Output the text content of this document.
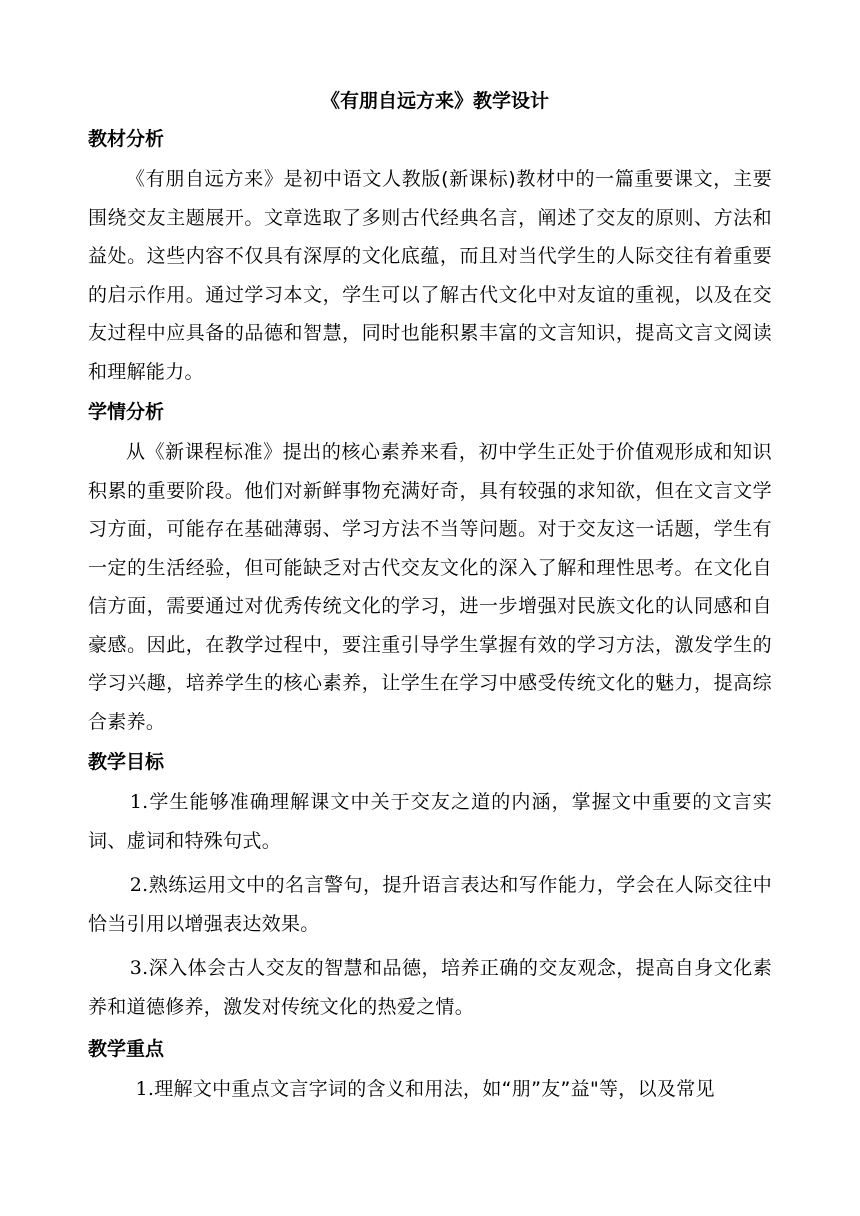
《有朋自远方来》教学设计
教材分析

《有朋自远方来》是初中语文人教版(新课标)教材中的一篇重要课文，主要围绕交友主题展开。文章选取了多则古代经典名言，阐述了交友的原则、方法和益处。这些内容不仅具有深厚的文化底蕴，而且对当代学生的人际交往有着重要的启示作用。通过学习本文，学生可以了解古代文化中对友谊的重视，以及在交友过程中应具备的品德和智慧，同时也能积累丰富的文言知识，提高文言文阅读和理解能力。

学情分析

从《新课程标准》提出的核心素养来看，初中学生正处于价值观形成和知识积累的重要阶段。他们对新鲜事物充满好奇，具有较强的求知欲，但在文言文学习方面，可能存在基础薄弱、学习方法不当等问题。对于交友这一话题，学生有一定的生活经验，但可能缺乏对古代交友文化的深入了解和理性思考。在文化自信方面，需要通过对优秀传统文化的学习，进一步增强对民族文化的认同感和自豪感。因此，在教学过程中，要注重引导学生掌握有效的学习方法，激发学生的学习兴趣，培养学生的核心素养，让学生在学习中感受传统文化的魅力，提高综合素养。

教学目标

1.学生能够准确理解课文中关于交友之道的内涵，掌握文中重要的文言实词、虚词和特殊句式。

2.熟练运用文中的名言警句，提升语言表达和写作能力，学会在人际交往中恰当引用以增强表达效果。

3.深入体会古人交友的智慧和品德，培养正确的交友观念，提高自身文化素养和道德修养，激发对传统文化的热爱之情。

教学重点

1.理解文中重点文言字词的含义和用法，如“朋”友”益"等，以及常见
